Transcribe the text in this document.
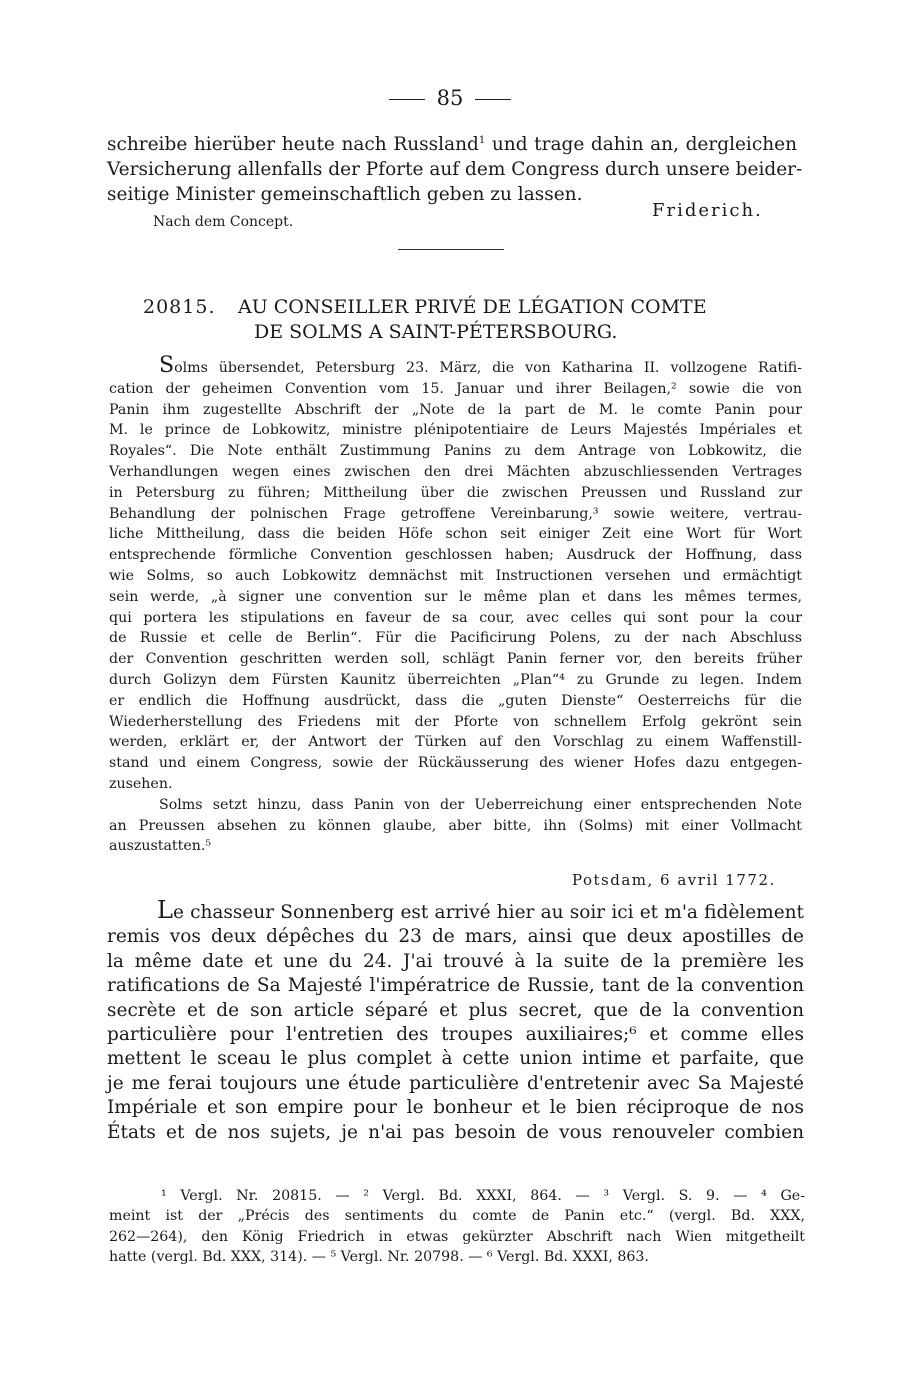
85
schreibe hierüber heute nach Russland$^1$ und trage dahin an, dergleichen
Versicherung allenfalls der Pforte auf dem Congress durch unsere beider-
seitige Minister gemeinschaftlich geben zu lassen.
Friderich.
Nach dem Concept.
20815. AU CONSEILLER PRIVÉ DE LÉGATION COMTE
DE SOLMS A SAINT-PÉTERSBOURG.
Solms übersendet, Petersburg 23. März, die von Katharina II. vollzogene Ratifi-
cation der geheimen Convention vom 15. Januar und ihrer Beilagen,² sowie die von
Panin ihm zugestellte Abschrift der „Note de la part de M. le comte Panin pour
M. le prince de Lobkowitz, ministre plénipotentiaire de Leurs Majestés Impériales et
Royales“. Die Note enthält Zustimmung Panins zu dem Antrage von Lobkowitz, die
Verhandlungen wegen eines zwischen den drei Mächten abzuschliessenden Vertrages
in Petersburg zu führen; Mittheilung über die zwischen Preussen und Russland zur
Behandlung der polnischen Frage getroffene Vereinbarung,³ sowie weitere, vertrau-
liche Mittheilung, dass die beiden Höfe schon seit einiger Zeit eine Wort für Wort
entsprechende förmliche Convention geschlossen haben; Ausdruck der Hoffnung, dass
wie Solms, so auch Lobkowitz demnächst mit Instructionen versehen und ermächtigt
sein werde, „à signer une convention sur le même plan et dans les mêmes termes,
qui portera les stipulations en faveur de sa cour, avec celles qui sont pour la cour
de Russie et celle de Berlin“. Für die Pacificirung Polens, zu der nach Abschluss
der Convention geschritten werden soll, schlägt Panin ferner vor, den bereits früher
durch Golizyn dem Fürsten Kaunitz überreichten „Plan“⁴ zu Grunde zu legen. Indem
er endlich die Hoffnung ausdrückt, dass die „guten Dienste“ Oesterreichs für die
Wiederherstellung des Friedens mit der Pforte von schnellem Erfolg gekrönt sein
werden, erklärt er, der Antwort der Türken auf den Vorschlag zu einem Waffenstill-
stand und einem Congress, sowie der Rückäusserung des wiener Hofes dazu entgegen-
zusehen.
Solms setzt hinzu, dass Panin von der Ueberreichung einer entsprechenden Note
an Preussen absehen zu können glaube, aber bitte, ihn (Solms) mit einer Vollmacht
auszustatten.⁵
Potsdam, 6 avril 1772.
Le chasseur Sonnenberg est arrivé hier au soir ici et m'a fidèlement
remis vos deux dépêches du 23 de mars, ainsi que deux apostilles de
la même date et une du 24. J'ai trouvé à la suite de la première les
ratifications de Sa Majesté l'impératrice de Russie, tant de la convention
secrète et de son article séparé et plus secret, que de la convention
particulière pour l'entretien des troupes auxiliaires;⁶ et comme elles
mettent le sceau le plus complet à cette union intime et parfaite, que
je me ferai toujours une étude particulière d'entretenir avec Sa Majesté
Impériale et son empire pour le bonheur et le bien réciproque de nos
États et de nos sujets, je n'ai pas besoin de vous renouveler combien
¹ Vergl. Nr. 20815. — ² Vergl. Bd. XXXI, 864. — ³ Vergl. S. 9. — ⁴ Ge-
meint ist der „Précis des sentiments du comte de Panin etc.“ (vergl. Bd. XXX,
262—264), den König Friedrich in etwas gekürzter Abschrift nach Wien mitgetheilt
hatte (vergl. Bd. XXX, 314). — ⁵ Vergl. Nr. 20798. — ⁶ Vergl. Bd. XXXI, 863.
